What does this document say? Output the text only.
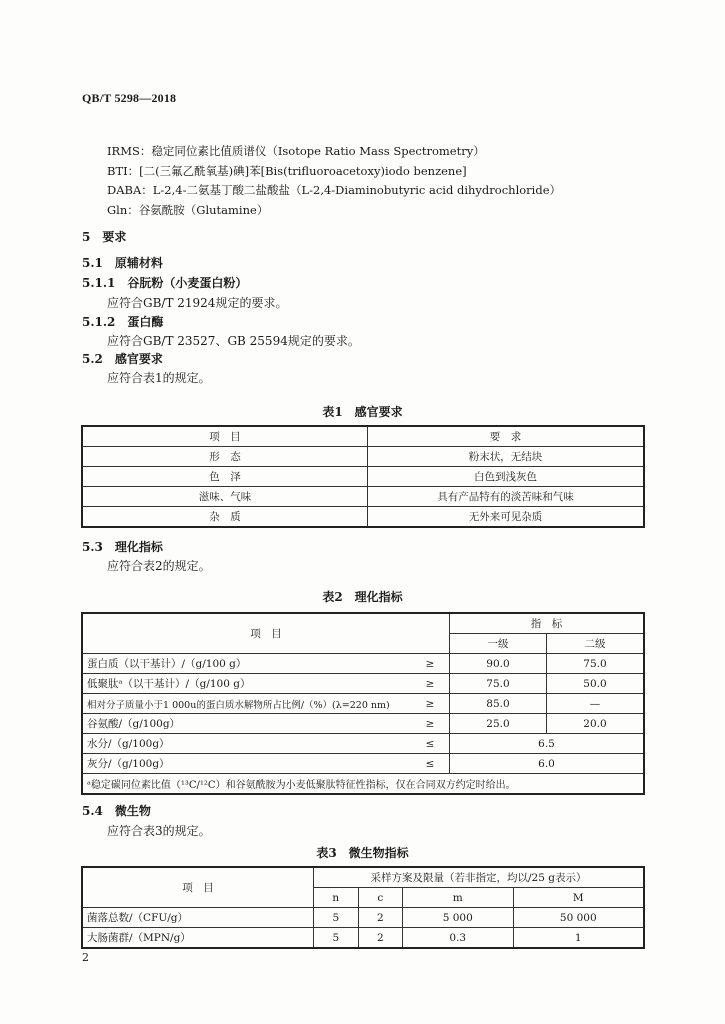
QB/T 5298—2018
IRMS：稳定同位素比值质谱仪（Isotope Ratio Mass Spectrometry）
BTI：[二(三氟乙酰氧基)碘]苯[Bis(trifluoroacetoxy)iodo benzene]
DABA：L-2,4-二氨基丁酸二盐酸盐（L-2,4-Diaminobutyric acid dihydrochloride）
Gln：谷氨酰胺（Glutamine）
5　要求
5.1　原辅材料
5.1.1　谷朊粉（小麦蛋白粉）
应符合GB/T 21924规定的要求。
5.1.2　蛋白酶
应符合GB/T 23527、GB 25594规定的要求。
5.2　感官要求
应符合表1的规定。
表1　感官要求
项　目	要　求
形　态	粉末状，无结块
色　泽	白色到浅灰色
滋味、气味	具有产品特有的淡苦味和气味
杂　质	无外来可见杂质
5.3　理化指标
应符合表2的规定。
表2　理化指标
项　目		指　标	
		一级	二级
蛋白质（以干基计）/（g/100 g）	≥	90.0	75.0
低聚肽ᵃ（以干基计）/（g/100 g）	≥	75.0	50.0
相对分子质量小于1 000u的蛋白质水解物所占比例/（%）(λ=220 nm)	≥	85.0	—
谷氨酸/（g/100g）	≥	25.0	20.0
水分/（g/100g）	≤	6.5	
灰分/（g/100g）	≤	6.0	
ᵃ稳定碳同位素比值（¹³C/¹²C）和谷氨酰胺为小麦低聚肽特征性指标，仅在合同双方约定时给出。			
5.4　微生物
应符合表3的规定。
表3　微生物指标
项　目	采样方案及限量（若非指定，均以/25 g表示）			
	n	c	m	M
菌落总数/（CFU/g）	5	2	5 000	50 000
大肠菌群/（MPN/g）	5	2	0.3	1
2
